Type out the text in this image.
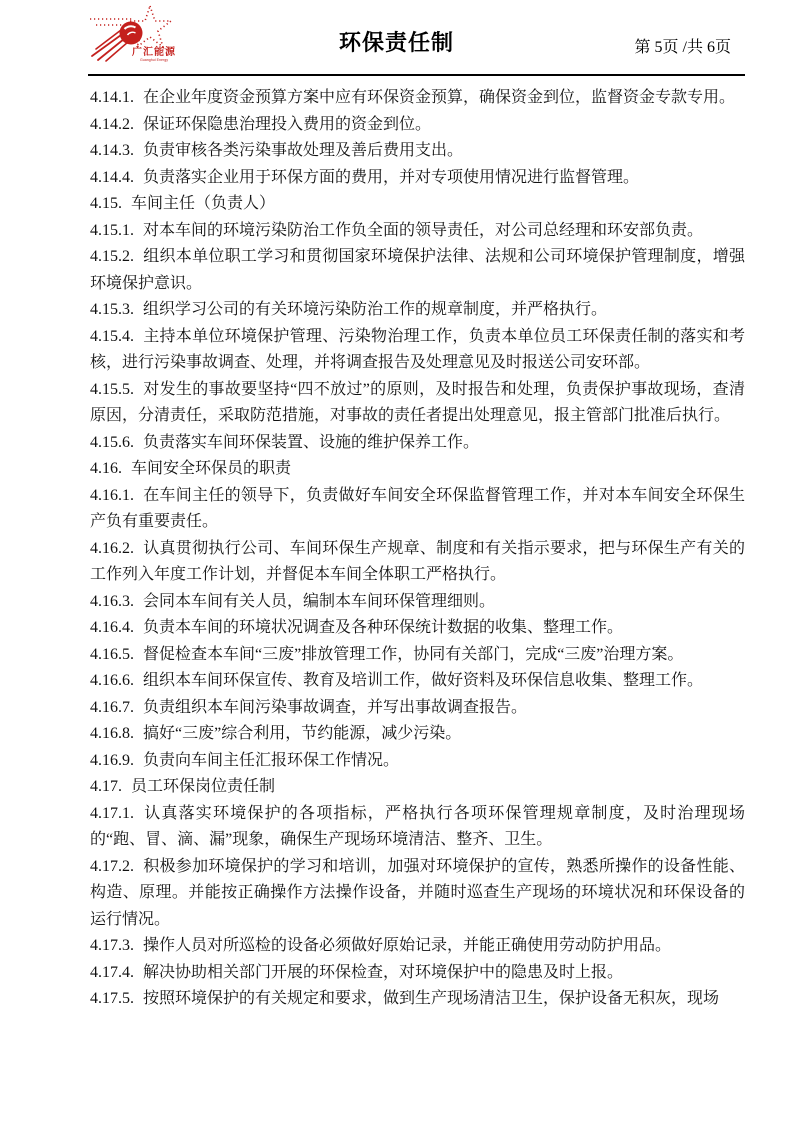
广汇能源
Guanghui Energy
环保责任制	第 5页 /共 6页

4.14.1. 在企业年度资金预算方案中应有环保资金预算，确保资金到位，监督资金专款专用。

4.14.2. 保证环保隐患治理投入费用的资金到位。

4.14.3. 负责审核各类污染事故处理及善后费用支出。

4.14.4. 负责落实企业用于环保方面的费用，并对专项使用情况进行监督管理。

4.15. 车间主任（负责人）

4.15.1. 对本车间的环境污染防治工作负全面的领导责任，对公司总经理和环安部负责。

4.15.2. 组织本单位职工学习和贯彻国家环境保护法律、法规和公司环境保护管理制度，增强环境保护意识。

4.15.3. 组织学习公司的有关环境污染防治工作的规章制度，并严格执行。

4.15.4. 主持本单位环境保护管理、污染物治理工作，负责本单位员工环保责任制的落实和考核，进行污染事故调查、处理，并将调查报告及处理意见及时报送公司安环部。

4.15.5. 对发生的事故要坚持“四不放过”的原则，及时报告和处理，负责保护事故现场，查清原因，分清责任，采取防范措施，对事故的责任者提出处理意见，报主管部门批准后执行。

4.15.6. 负责落实车间环保装置、设施的维护保养工作。

4.16. 车间安全环保员的职责

4.16.1. 在车间主任的领导下，负责做好车间安全环保监督管理工作，并对本车间安全环保生产负有重要责任。

4.16.2. 认真贯彻执行公司、车间环保生产规章、制度和有关指示要求，把与环保生产有关的工作列入年度工作计划，并督促本车间全体职工严格执行。

4.16.3. 会同本车间有关人员，编制本车间环保管理细则。

4.16.4. 负责本车间的环境状况调查及各种环保统计数据的收集、整理工作。

4.16.5. 督促检查本车间“三废”排放管理工作，协同有关部门，完成“三废”治理方案。

4.16.6. 组织本车间环保宣传、教育及培训工作，做好资料及环保信息收集、整理工作。

4.16.7. 负责组织本车间污染事故调查，并写出事故调查报告。

4.16.8. 搞好“三废”综合利用，节约能源，减少污染。

4.16.9. 负责向车间主任汇报环保工作情况。

4.17. 员工环保岗位责任制

4.17.1. 认真落实环境保护的各项指标，严格执行各项环保管理规章制度，及时治理现场的“跑、冒、滴、漏”现象，确保生产现场环境清洁、整齐、卫生。

4.17.2. 积极参加环境保护的学习和培训，加强对环境保护的宣传，熟悉所操作的设备性能、构造、原理。并能按正确操作方法操作设备，并随时巡查生产现场的环境状况和环保设备的运行情况。

4.17.3. 操作人员对所巡检的设备必须做好原始记录，并能正确使用劳动防护用品。

4.17.4. 解决协助相关部门开展的环保检查，对环境保护中的隐患及时上报。

4.17.5. 按照环境保护的有关规定和要求，做到生产现场清洁卫生，保护设备无积灰，现场
